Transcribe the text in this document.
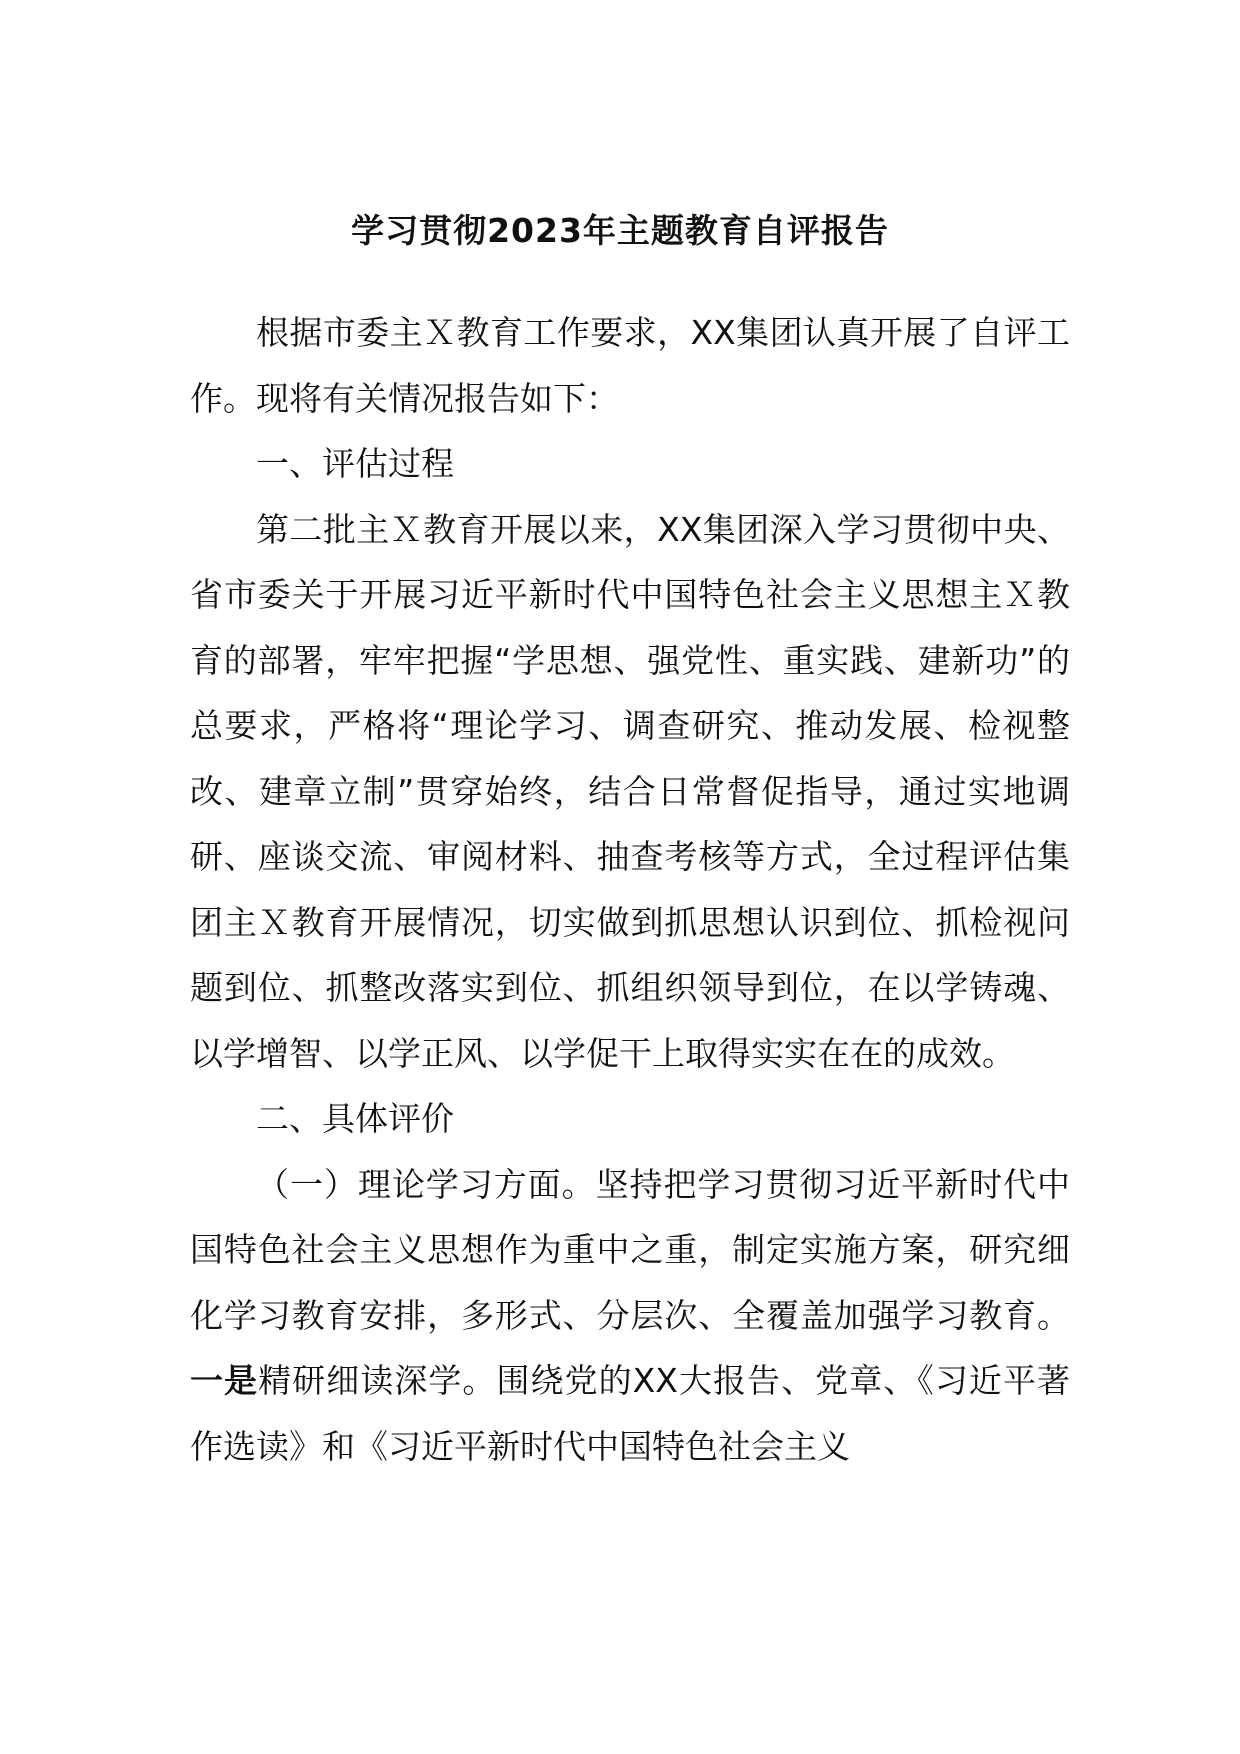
学习贯彻2023年主题教育自评报告

根据市委主Ｘ教育工作要求，XX集团认真开展了自评工作。现将有关情况报告如下：

一、评估过程

第二批主Ｘ教育开展以来，XX集团深入学习贯彻中央、省市委关于开展习近平新时代中国特色社会主义思想主Ｘ教育的部署，牢牢把握“学思想、强党性、重实践、建新功”的总要求，严格将“理论学习、调查研究、推动发展、检视整改、建章立制”贯穿始终，结合日常督促指导，通过实地调研、座谈交流、审阅材料、抽查考核等方式，全过程评估集团主Ｘ教育开展情况，切实做到抓思想认识到位、抓检视问题到位、抓整改落实到位、抓组织领导到位，在以学铸魂、以学增智、以学正风、以学促干上取得实实在在的成效。

二、具体评价

（一）理论学习方面。坚持把学习贯彻习近平新时代中国特色社会主义思想作为重中之重，制定实施方案，研究细化学习教育安排，多形式、分层次、全覆盖加强学习教育。一是精研细读深学。围绕党的XX大报告、党章、《习近平著作选读》和《习近平新时代中国特色社会主义
